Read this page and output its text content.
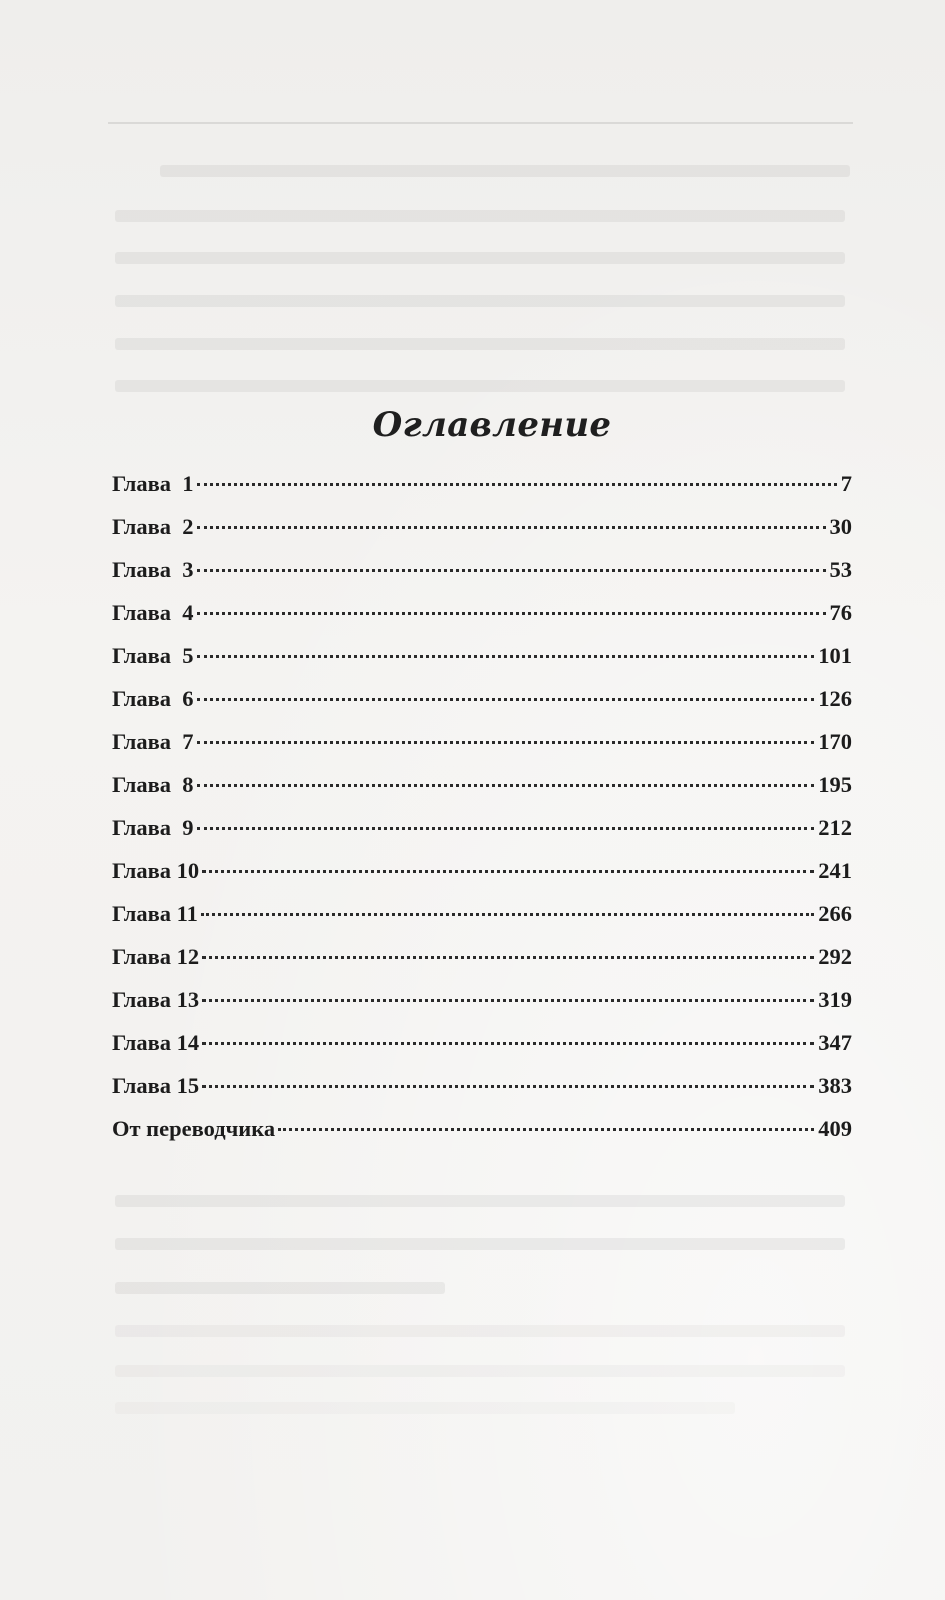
Оглавление
Глава  1	7
Глава  2	30
Глава  3	53
Глава  4	76
Глава  5	101
Глава  6	126
Глава  7	170
Глава  8	195
Глава  9	212
Глава 10	241
Глава 11	266
Глава 12	292
Глава 13	319
Глава 14	347
Глава 15	383
От переводчика	409
